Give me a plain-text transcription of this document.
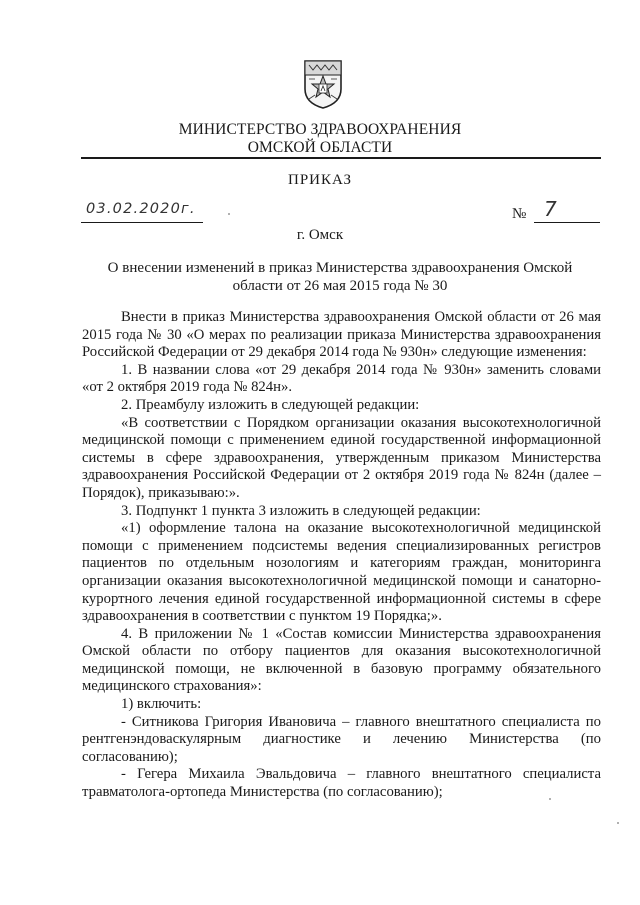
МИНИСТЕРСТВО ЗДРАВООХРАНЕНИЯ
ОМСКОЙ ОБЛАСТИ
ПРИКАЗ
03.02.2020г.	№ 7
г. Омск
О внесении изменений в приказ Министерства здравоохранения Омской
области от 26 мая 2015 года № 30

Внести в приказ Министерства здравоохранения Омской области от 26 мая 2015 года № 30 «О мерах по реализации приказа Министерства здравоохранения Российской Федерации от 29 декабря 2014 года № 930н» следующие изменения:

1. В названии слова «от 29 декабря 2014 года № 930н» заменить словами «от 2 октября 2019 года № 824н».

2. Преамбулу изложить в следующей редакции:

«В соответствии с Порядком организации оказания высокотехнологичной медицинской помощи с применением единой государственной информационной системы в сфере здравоохранения, утвержденным приказом Министерства здравоохранения Российской Федерации от 2 октября 2019 года № 824н (далее – Порядок), приказываю:».

3. Подпункт 1 пункта 3 изложить в следующей редакции:

«1) оформление талона на оказание высокотехнологичной медицинской помощи с применением подсистемы ведения специализированных регистров пациентов по отдельным нозологиям и категориям граждан, мониторинга организации оказания высокотехнологичной медицинской помощи и санаторно-курортного лечения единой государственной информационной системы в сфере здравоохранения в соответствии с пунктом 19 Порядка;».

4. В приложении № 1 «Состав комиссии Министерства здравоохранения Омской области по отбору пациентов для оказания высокотехнологичной медицинской помощи, не включенной в базовую программу обязательного медицинского страхования»:

1) включить:

- Ситникова Григория Ивановича – главного внештатного специалиста по рентгенэндоваскулярным диагностике и лечению Министерства (по согласованию);

- Гегера Михаила Эвальдовича – главного внештатного специалиста травматолога-ортопеда Министерства (по согласованию);
